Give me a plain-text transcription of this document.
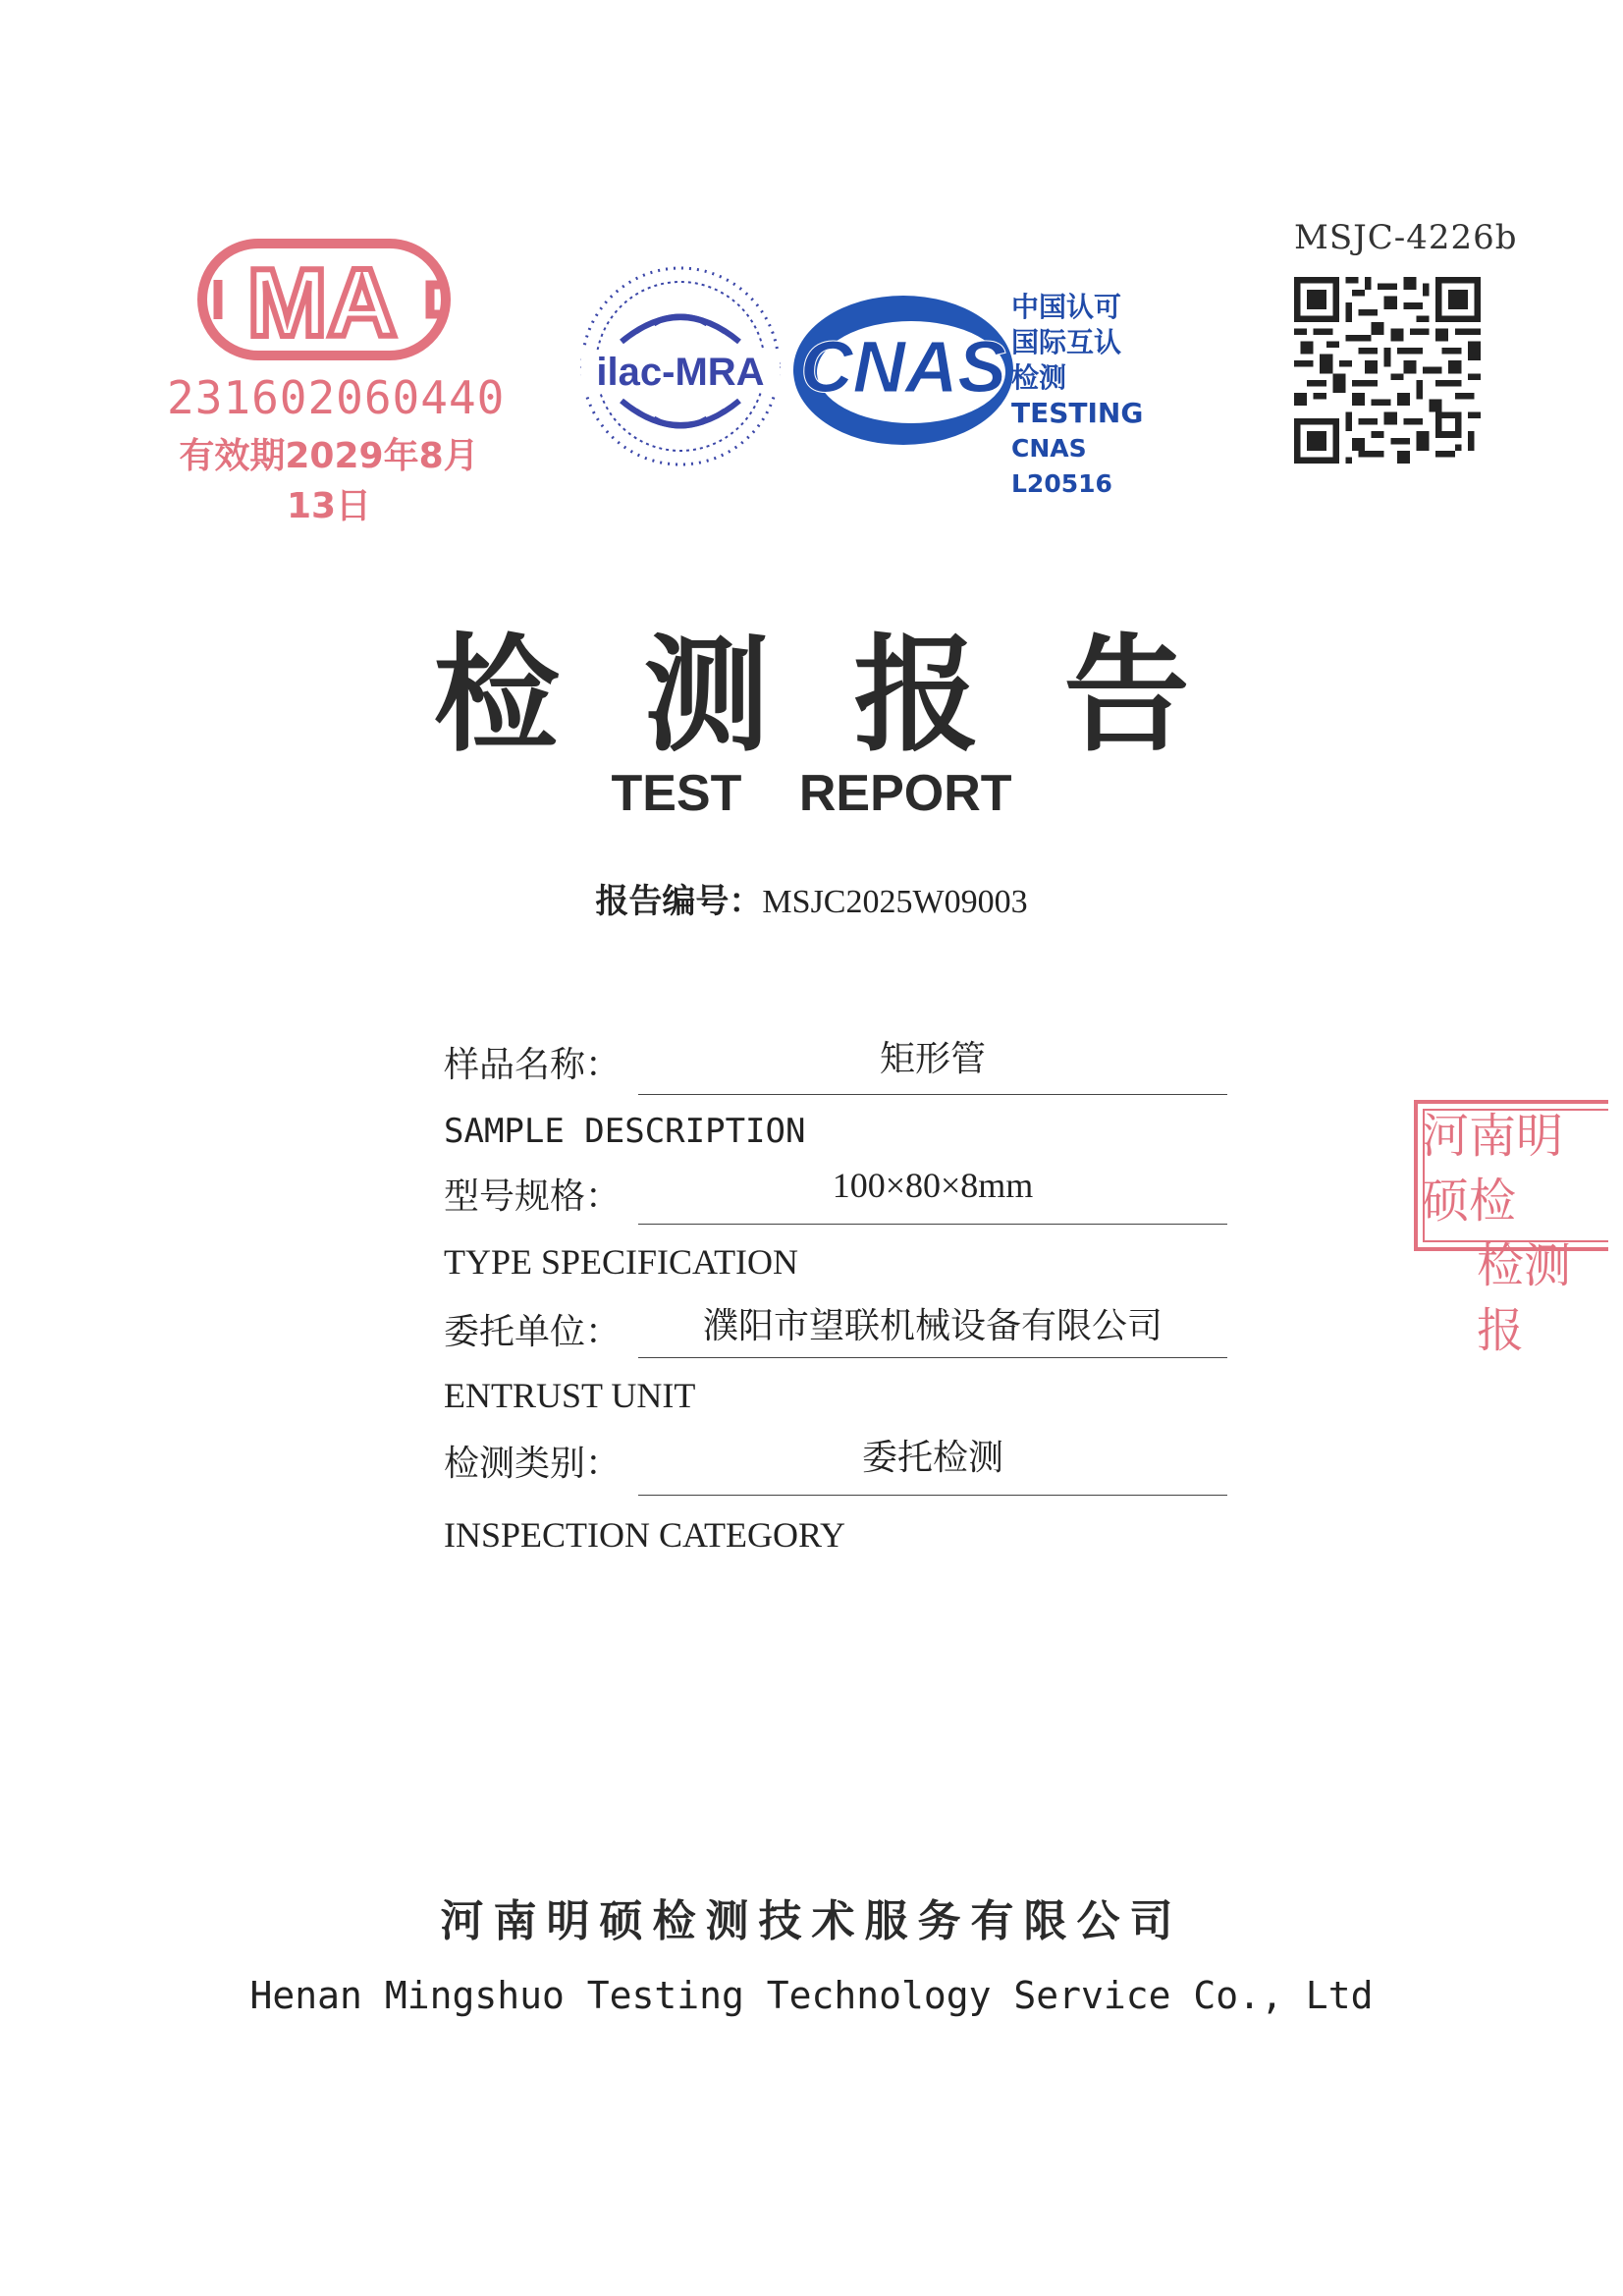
MA
231602060440
有效期2029年8月13日
ilac-MRA CNAS
中国认可
国际互认
检测
TESTING
CNAS L20516
MSJC-4226b
检测报告
TEST REPORT
报告编号：MSJC2025W09003
样品名称：	矩形管
SAMPLE DESCRIPTION
型号规格：	100×80×8mm
TYPE SPECIFICATION
委托单位：	濮阳市望联机械设备有限公司
ENTRUST UNIT
检测类别：	委托检测
INSPECTION CATEGORY
河南明硕检
检测报
河南明硕检测技术服务有限公司
Henan Mingshuo Testing Technology Service Co., Ltd
